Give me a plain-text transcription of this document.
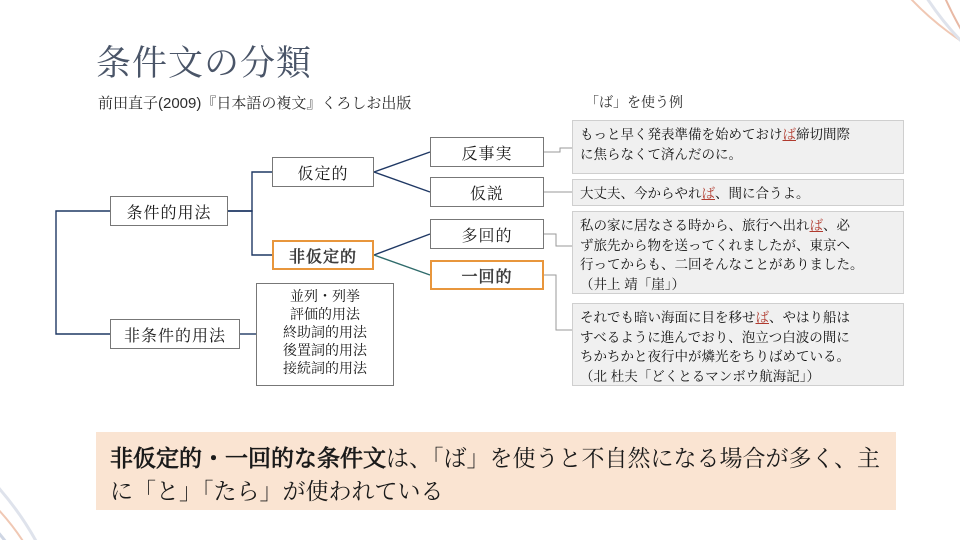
条件文の分類
前田直子(2009)『日本語の複文』くろしお出版	「ば」を使う例
条件的用法
仮定的
非仮定的
反事実
仮説
多回的
一回的
非条件的用法
並列・列挙
評価的用法
終助詞的用法
後置詞的用法
接続詞的用法
もっと早く発表準備を始めておけば締切間際
に焦らなくて済んだのに。
大丈夫、今からやれば、間に合うよ。
私の家に居なさる時から、旅行へ出れば、必
ず旅先から物を送ってくれましたが、東京へ
行ってからも、二回そんなことがありました。
（井上 靖「崖」）
それでも暗い海面に目を移せば、やはり船は
すべるように進んでおり、泡立つ白波の間に
ちかちかと夜行中が燐光をちりばめている。
（北 杜夫「どくとるマンボウ航海記」）
非仮定的・一回的な条件文は、「ば」を使うと不自然になる場合が多く、主に「と」「たら」が使われている
